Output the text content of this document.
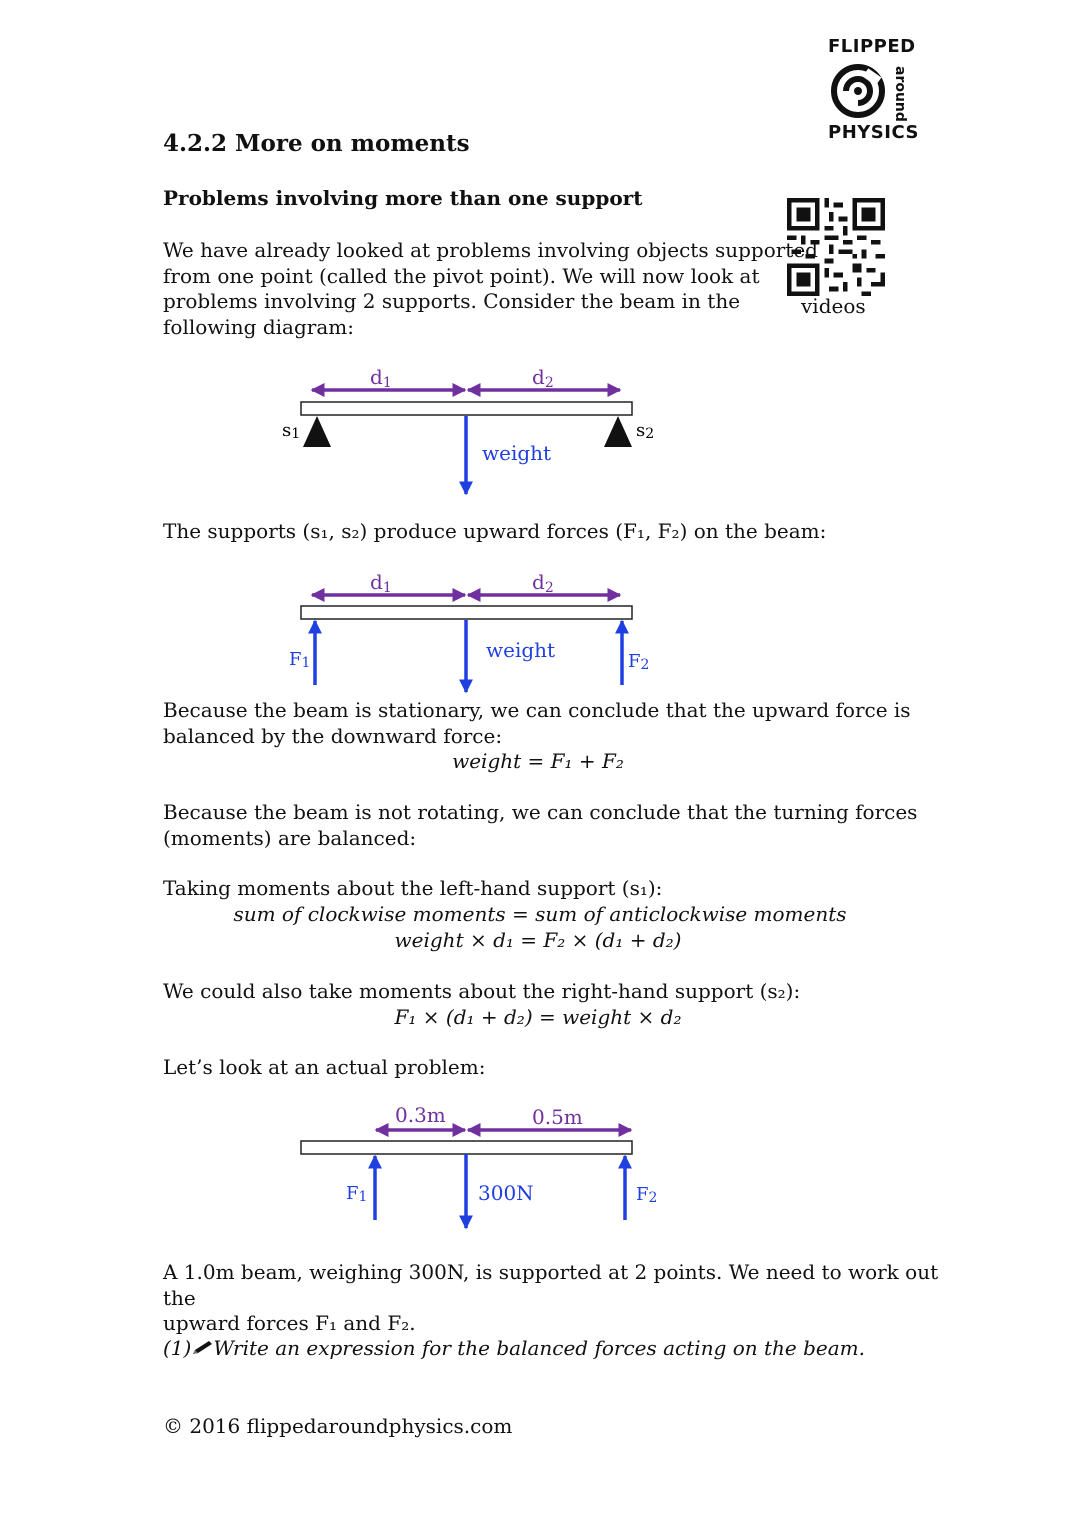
FLIPPED
around
PHYSICS
videos
4.2.2 More on moments
Problems involving more than one support
We have already looked at problems involving objects supported
from one point (called the pivot point). We will now look at
problems involving 2 supports. Consider the beam in the
following diagram:
d1	d2
s1	s2
weight
The supports (s₁, s₂) produce upward forces (F₁, F₂) on the beam:
d1	d2
F1	F2
weight
Because the beam is stationary, we can conclude that the upward force is
balanced by the downward force:
weight = F₁ + F₂
Because the beam is not rotating, we can conclude that the turning forces
(moments) are balanced:
Taking moments about the left-hand support (s₁):
sum of clockwise moments = sum of anticlockwise moments
weight × d₁ = F₂ × (d₁ + d₂)
We could also take moments about the right-hand support (s₂):
F₁ × (d₁ + d₂) = weight × d₂
Let’s look at an actual problem:
0.3m	0.5m
F1	F2
300N
A 1.0m beam, weighing 300N, is supported at 2 points. We need to work out the
upward forces F₁ and F₂.
(1) Write an expression for the balanced forces acting on the beam.
© 2016 flippedaroundphysics.com
